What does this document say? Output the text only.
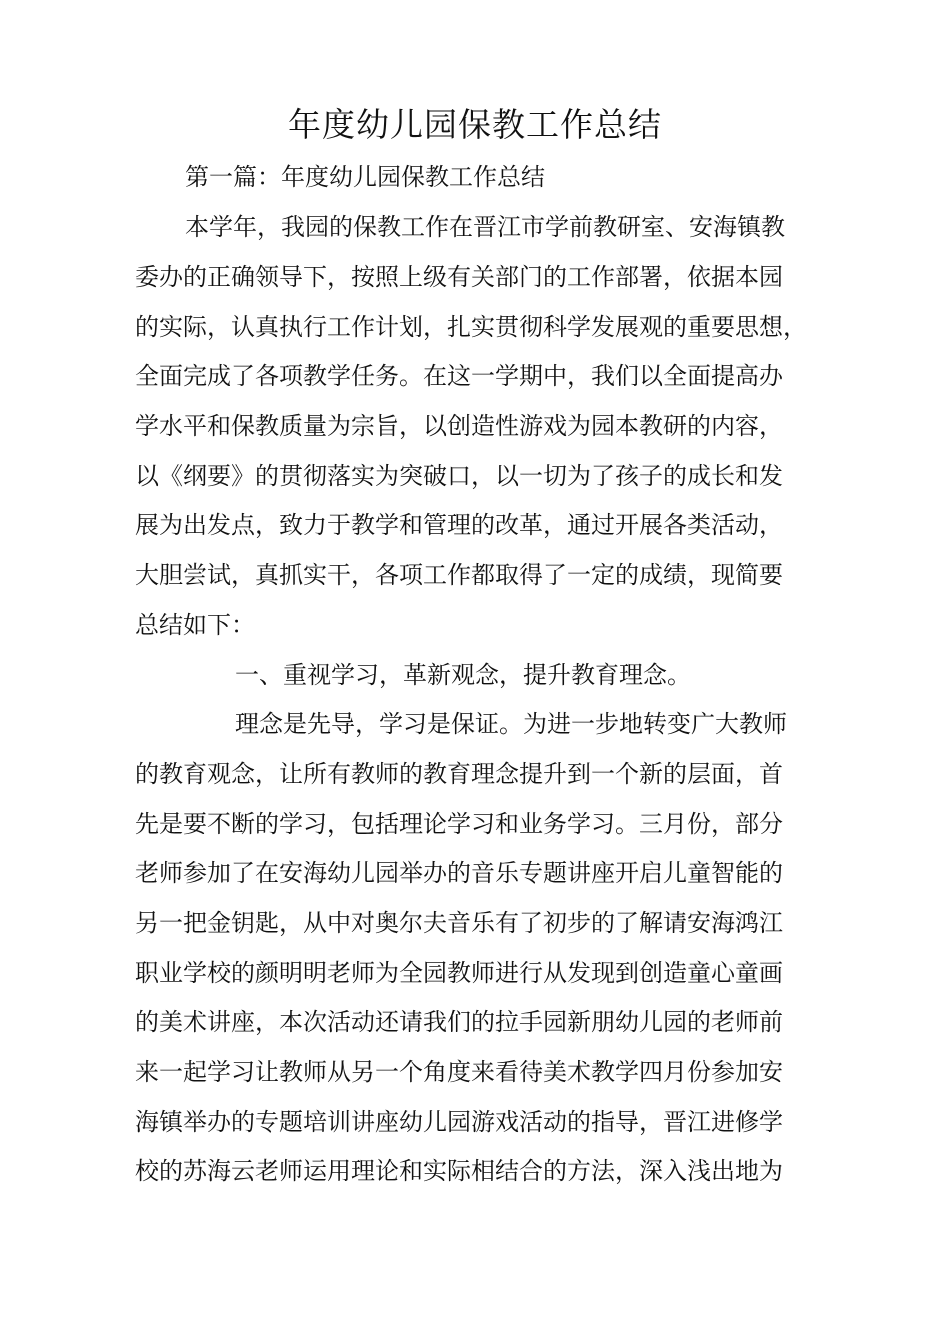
年度幼儿园保教工作总结
第一篇：年度幼儿园保教工作总结
本学年，我园的保教工作在晋江市学前教研室、安海镇教
委办的正确领导下，按照上级有关部门的工作部署，依据本园
的实际，认真执行工作计划，扎实贯彻科学发展观的重要思想，
全面完成了各项教学任务。在这一学期中，我们以全面提高办
学水平和保教质量为宗旨，以创造性游戏为园本教研的内容，
以《纲要》的贯彻落实为突破口，以一切为了孩子的成长和发
展为出发点，致力于教学和管理的改革，通过开展各类活动，
大胆尝试，真抓实干，各项工作都取得了一定的成绩，现简要
总结如下：
一、重视学习，革新观念，提升教育理念。
理念是先导，学习是保证。为进一步地转变广大教师
的教育观念，让所有教师的教育理念提升到一个新的层面，首
先是要不断的学习，包括理论学习和业务学习。三月份，部分
老师参加了在安海幼儿园举办的音乐专题讲座开启儿童智能的
另一把金钥匙，从中对奥尔夫音乐有了初步的了解请安海鸿江
职业学校的颜明明老师为全园教师进行从发现到创造童心童画
的美术讲座，本次活动还请我们的拉手园新朋幼儿园的老师前
来一起学习让教师从另一个角度来看待美术教学四月份参加安
海镇举办的专题培训讲座幼儿园游戏活动的指导，晋江进修学
校的苏海云老师运用理论和实际相结合的方法，深入浅出地为
